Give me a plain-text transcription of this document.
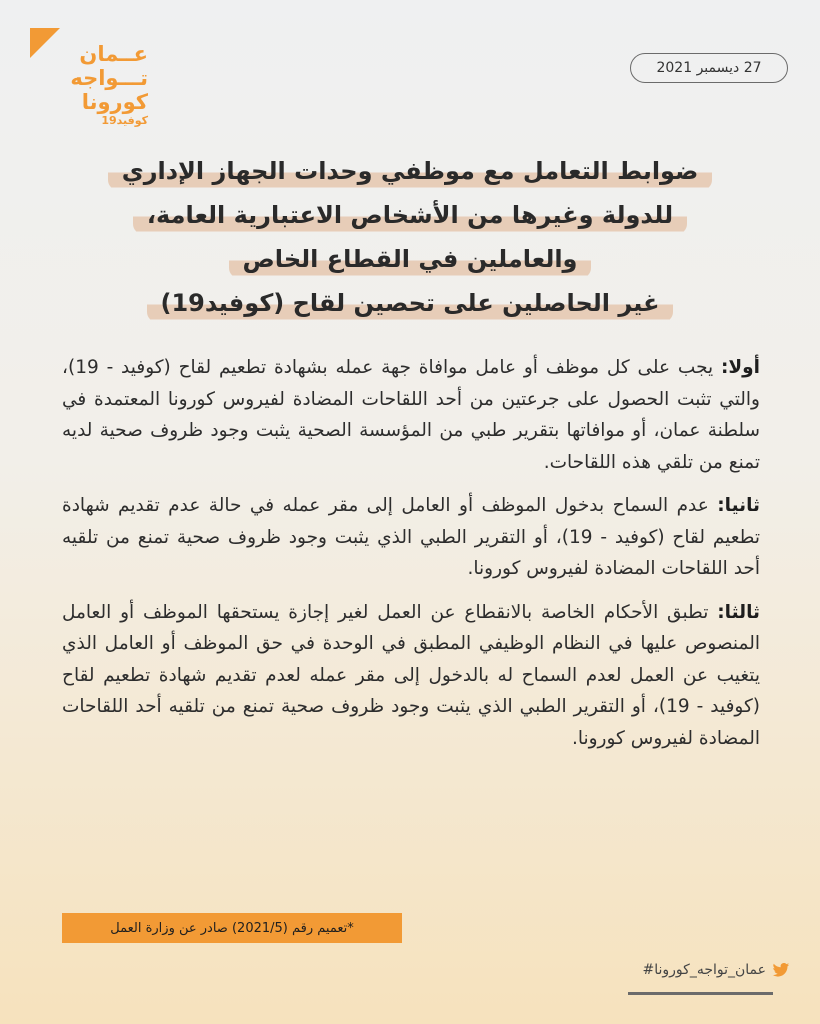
عــمان
تـــواجه
كورونا
كوفيد19
27 ديسمبر 2021
ضوابط التعامل مع موظفي وحدات الجهاز الإداري
للدولة وغيرها من الأشخاص الاعتبارية العامة،
والعاملين في القطاع الخاص
غير الحاصلين على تحصين لقاح (كوفيد19)

أولا: يجب على كل موظف أو عامل موافاة جهة عمله بشهادة تطعيم لقاح (كوفيد - 19)، والتي تثبت الحصول على جرعتين من أحد اللقاحات المضادة لفيروس كورونا المعتمدة في سلطنة عمان، أو موافاتها بتقرير طبي من المؤسسة الصحية يثبت وجود ظروف صحية لديه تمنع من تلقي هذه اللقاحات.

ثانيا: عدم السماح بدخول الموظف أو العامل إلى مقر عمله في حالة عدم تقديم شهادة تطعيم لقاح (كوفيد - 19)، أو التقرير الطبي الذي يثبت وجود ظروف صحية تمنع من تلقيه أحد اللقاحات المضادة لفيروس كورونا.

ثالثا: تطبق الأحكام الخاصة بالانقطاع عن العمل لغير إجازة يستحقها الموظف أو العامل المنصوص عليها في النظام الوظيفي المطبق في الوحدة في حق الموظف أو العامل الذي يتغيب عن العمل لعدم السماح له بالدخول إلى مقر عمله لعدم تقديم شهادة تطعيم لقاح (كوفيد - 19)، أو التقرير الطبي الذي يثبت وجود ظروف صحية تمنع من تلقيه أحد اللقاحات المضادة لفيروس كورونا.

*تعميم رقم (2021/5) صادر عن وزارة العمل
#عمان_تواجه_كورونا
